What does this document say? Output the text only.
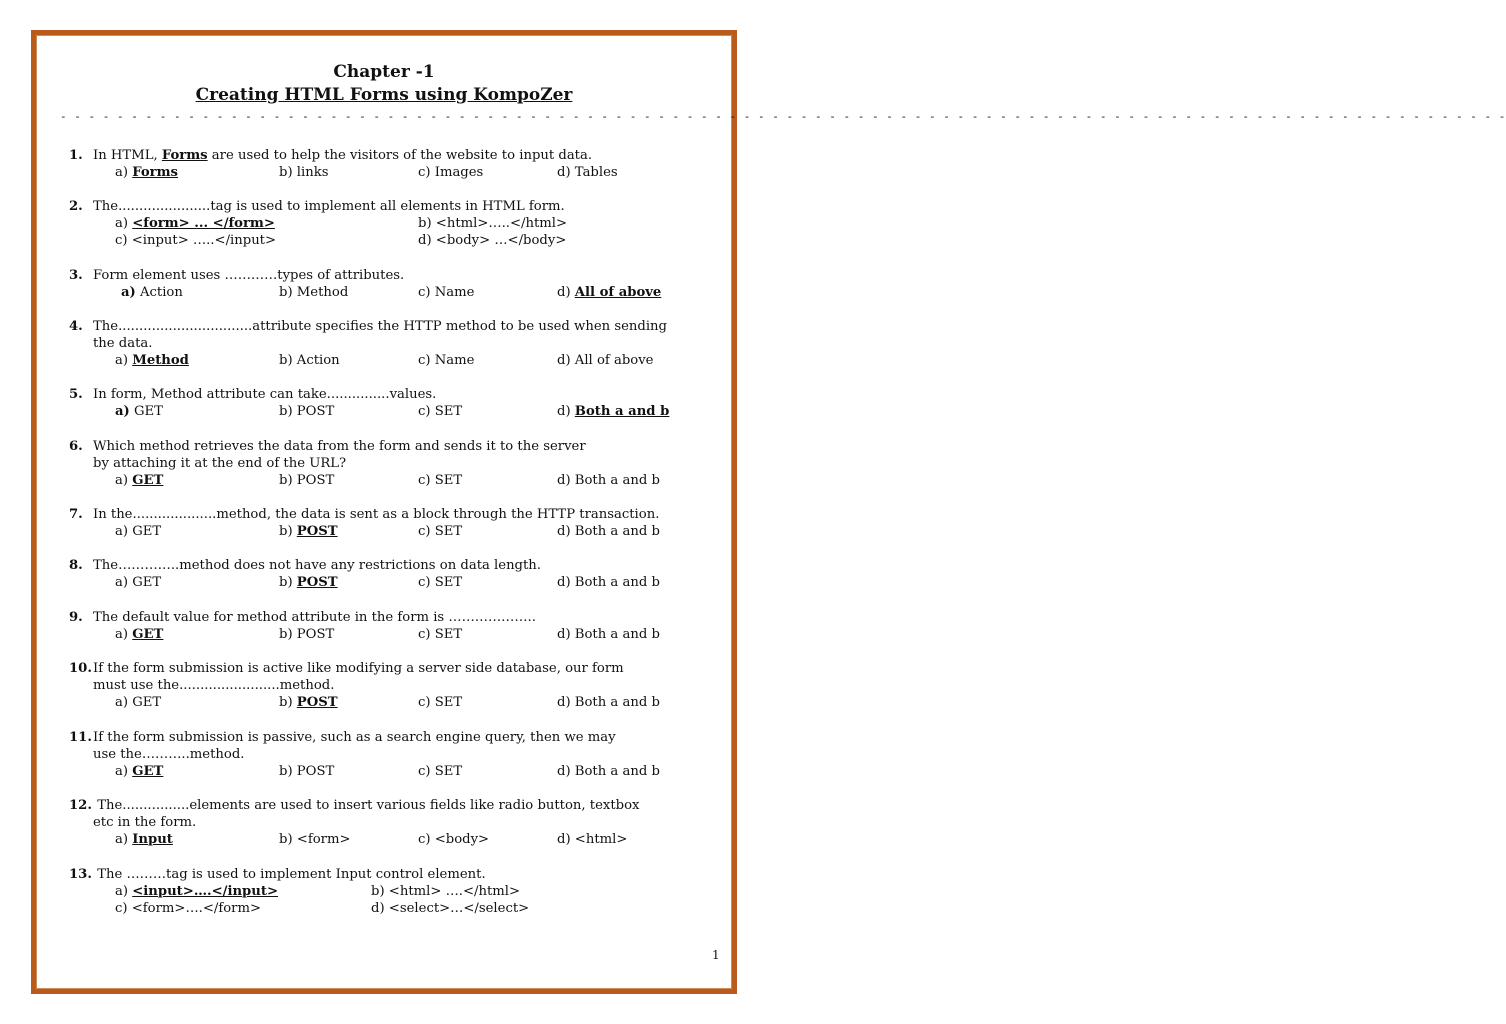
Chapter -1
Creating HTML Forms using KompoZer
- - - - - - - - - - - - - - - - - - - - - - - - - - - - - - - - - - - - - - - - - - - - - - - - - - - - - - - - - - - - - - - - - - - - - - - - - - - - - - - - - - - - - - - - - - - - - - - - - - - - - -
1. In HTML, Forms are used to help the visitors of the website to input data.
a) Forms	b) links	c) Images	d) Tables
2. The......................tag is used to implement all elements in HTML form.
a) <form> ... </form>	b) <html>…..</html>
c) <input> …..</input>	d) <body> …</body>
3. Form element uses …………types of attributes.
a) Action	b) Method	c) Name	d) All of above
4. The................................attribute specifies the HTTP method to be used when sending
the data.
a) Method	b) Action	c) Name	d) All of above
5. In form, Method attribute can take...............values.
a) GET	b) POST	c) SET	d) Both a and b
6. Which method retrieves the data from the form and sends it to the server
by attaching it at the end of the URL?
a) GET	b) POST	c) SET	d) Both a and b
7. In the....................method, the data is sent as a block through the HTTP transaction.
a) GET	b) POST	c) SET	d) Both a and b
8. The…………..method does not have any restrictions on data length.
a) GET	b) POST	c) SET	d) Both a and b
9. The default value for method attribute in the form is ………………..
a) GET	b) POST	c) SET	d) Both a and b
10.If the form submission is active like modifying a server side database, our form
must use the........................method.
a) GET	b) POST	c) SET	d) Both a and b
11.If the form submission is passive, such as a search engine query, then we may
use the………..method.
a) GET	b) POST	c) SET	d) Both a and b
12. The................elements are used to insert various fields like radio button, textbox
etc in the form.
a) Input	b) <form>	c) <body>	d) <html>
13. The ………tag is used to implement Input control element.
a) <input>….</input>	b) <html> ….</html>
c) <form>….</form>	d) <select>…</select>
1
